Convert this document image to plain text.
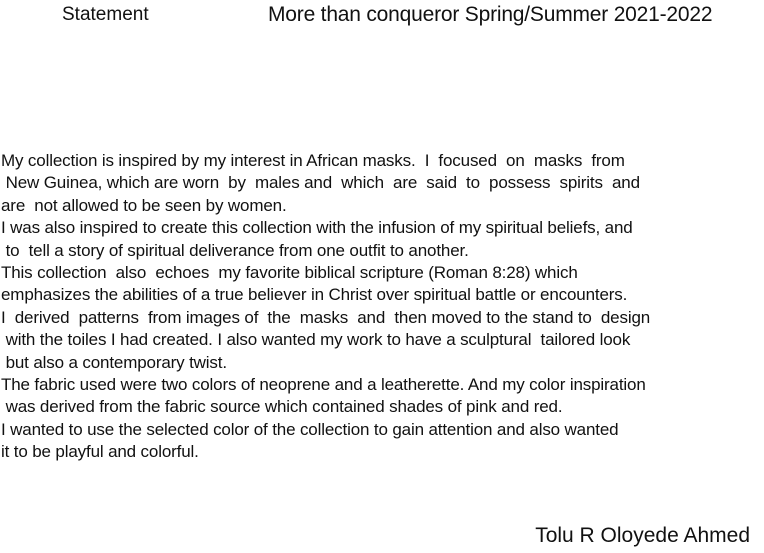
Statement	More than conqueror Spring/Summer 2021-2022
My collection is inspired by my interest in African masks.  I  focused  on  masks  from
New Guinea, which are worn  by  males and  which  are  said  to  possess  spirits  and
are  not allowed to be seen by women.
I was also inspired to create this collection with the infusion of my spiritual beliefs, and
to  tell a story of spiritual deliverance from one outfit to another.
This collection  also  echoes  my favorite biblical scripture (Roman 8:28) which
emphasizes the abilities of a true believer in Christ over spiritual battle or encounters.
I  derived  patterns  from images of  the  masks  and  then moved to the stand to  design
with the toiles I had created. I also wanted my work to have a sculptural  tailored look
but also a contemporary twist.
The fabric used were two colors of neoprene and a leatherette. And my color inspiration
was derived from the fabric source which contained shades of pink and red.
I wanted to use the selected color of the collection to gain attention and also wanted
it to be playful and colorful.
Tolu R Oloyede Ahmed
